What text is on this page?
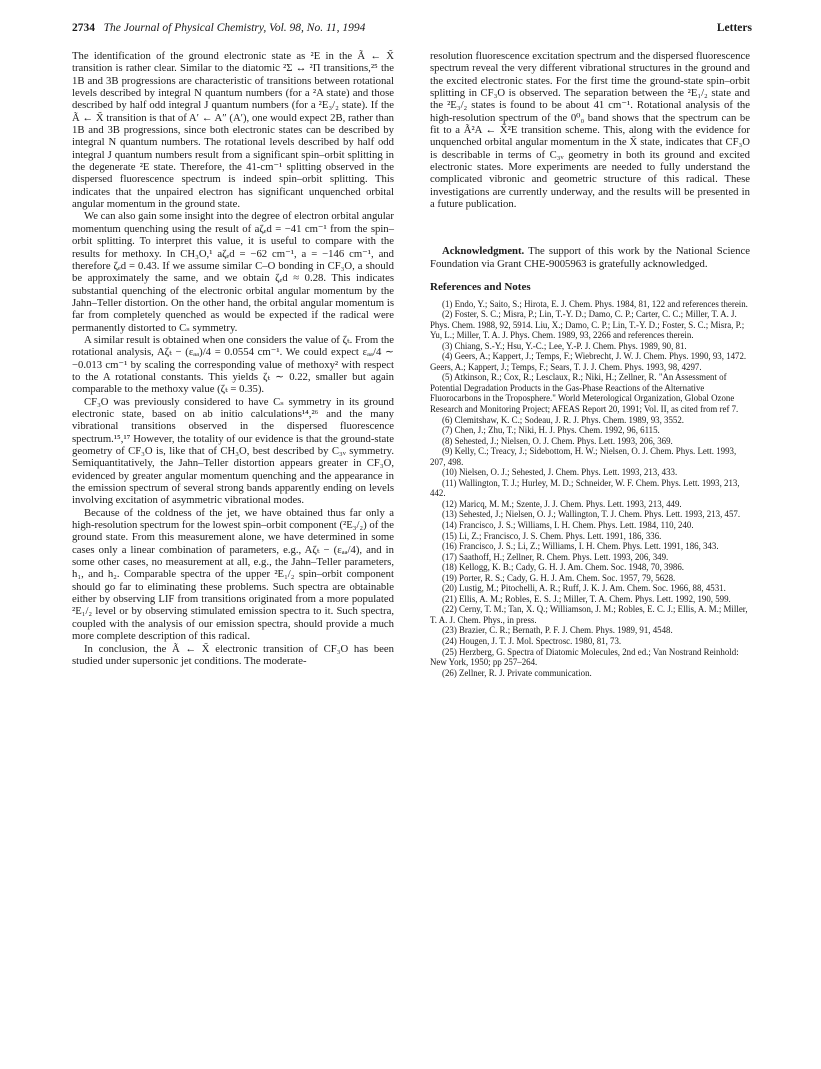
2734 The Journal of Physical Chemistry, Vol. 98, No. 11, 1994	Letters

The identification of the ground electronic state as ²E in the Ã ← X̃ transition is rather clear. Similar to the diatomic ²Σ ↔ ²Π transitions,²⁵ the 1B and 3B progressions are characteristic of transitions between rotational levels described by integral N quantum numbers (for a ²A state) and those described by half odd integral J quantum numbers (for a ²E₃/₂ state). If the Ã ← X̃ transition is that of A′ ← A″ (A′), one would expect 2B, rather than 1B and 3B progressions, since both electronic states can be described by integral N quantum numbers. The rotational levels described by half odd integral J quantum numbers result from a significant spin–orbit splitting in the degenerate ²E state. Therefore, the 41-cm⁻¹ splitting observed in the dispersed fluorescence spectrum is indeed spin–orbit splitting. This indicates that the unpaired electron has significant unquenched orbital angular momentum in the ground state.

We can also gain some insight into the degree of electron orbital angular momentum quenching using the result of aζₑd = −41 cm⁻¹ from the spin–orbit splitting. To interpret this value, it is useful to compare with the results for methoxy. In CH₃O,¹ aζₑd = −62 cm⁻¹, a = −146 cm⁻¹, and therefore ζₑd = 0.43. If we assume similar C–O bonding in CF₃O, a should be approximately the same, and we obtain ζₑd ≈ 0.28. This indicates substantial quenching of the electronic orbital angular momentum by the Jahn–Teller distortion. On the other hand, the orbital angular momentum is far from completely quenched as would be expected if the radical were permanently distorted to Cₛ symmetry.

A similar result is obtained when one considers the value of ζₜ. From the rotational analysis, Aζₜ − (εₐₐ)/4 = 0.0554 cm⁻¹. We could expect εₐₐ/4 ∼ −0.013 cm⁻¹ by scaling the corresponding value of methoxy² with respect to the A rotational constants. This yields ζₜ ∼ 0.22, smaller but again comparable to the methoxy value (ζₜ = 0.35).

CF₃O was previously considered to have Cₛ symmetry in its ground electronic state, based on ab initio calculations¹⁴,²⁶ and the many vibrational transitions observed in the dispersed fluorescence spectrum.¹⁵,¹⁷ However, the totality of our evidence is that the ground-state geometry of CF₃O is, like that of CH₃O, best described by C₃ᵥ symmetry. Semiquantitatively, the Jahn–Teller distortion appears greater in CF₃O, evidenced by greater angular momentum quenching and the appearance in the emission spectrum of several strong bands apparently ending on levels involving excitation of asymmetric vibrational modes.

Because of the coldness of the jet, we have obtained thus far only a high-resolution spectrum for the lowest spin–orbit component (²E₃/₂) of the ground state. From this measurement alone, we have determined in some cases only a linear combination of parameters, e.g., Aζₜ − (εₐₐ/4), and in some other cases, no measurement at all, e.g., the Jahn–Teller parameters, h₁, and h₂. Comparable spectra of the upper ²E₁/₂ spin–orbit component should go far to eliminating these problems. Such spectra are obtainable either by observing LIF from transitions originated from a more populated ²E₁/₂ level or by observing stimulated emission spectra to it. Such spectra, coupled with the analysis of our emission spectra, should provide a much more complete description of this radical.

In conclusion, the Ã ← X̃ electronic transition of CF₃O has been studied under supersonic jet conditions. The moderate-

resolution fluorescence excitation spectrum and the dispersed fluorescence spectrum reveal the very different vibrational structures in the ground and the excited electronic states. For the first time the ground-state spin–orbit splitting in CF₃O is observed. The separation between the ²E₁/₂ state and the ²E₃/₂ states is found to be about 41 cm⁻¹. Rotational analysis of the high-resolution spectrum of the 0⁰₀ band shows that the spectrum can be fit to a Ã²A ← X̃²E transition scheme. This, along with the evidence for unquenched orbital angular momentum in the X̃ state, indicates that CF₃O is describable in terms of C₃ᵥ geometry in both its ground and excited electronic states. More experiments are needed to fully understand the complicated vibronic and geometric structure of this radical. These investigations are currently underway, and the results will be presented in a future publication.

Acknowledgment. The support of this work by the National Science Foundation via Grant CHE-9005963 is gratefully acknowledged.

References and Notes

(1) Endo, Y.; Saito, S.; Hirota, E. J. Chem. Phys. 1984, 81, 122 and references therein.

(2) Foster, S. C.; Misra, P.; Lin, T.-Y. D.; Damo, C. P.; Carter, C. C.; Miller, T. A. J. Phys. Chem. 1988, 92, 5914. Liu, X.; Damo, C. P.; Lin, T.-Y. D.; Foster, S. C.; Misra, P.; Yu, L.; Miller, T. A. J. Phys. Chem. 1989, 93, 2266 and references therein.

(3) Chiang, S.-Y.; Hsu, Y.-C.; Lee, Y.-P. J. Chem. Phys. 1989, 90, 81.

(4) Geers, A.; Kappert, J.; Temps, F.; Wiebrecht, J. W. J. Chem. Phys. 1990, 93, 1472. Geers, A.; Kappert, J.; Temps, F.; Sears, T. J. J. Chem. Phys. 1993, 98, 4297.

(5) Atkinson, R.; Cox, R.; Lesclaux, R.; Niki, H.; Zellner, R. "An Assessment of Potential Degradation Products in the Gas-Phase Reactions of the Alternative Fluorocarbons in the Troposphere." World Meterological Organization, Global Ozone Research and Monitoring Project; AFEAS Report 20, 1991; Vol. II, as cited from ref 7.

(6) Clemitshaw, K. C.; Sodeau, J. R. J. Phys. Chem. 1989, 93, 3552.

(7) Chen, J.; Zhu, T.; Niki, H. J. Phys. Chem. 1992, 96, 6115.

(8) Sehested, J.; Nielsen, O. J. Chem. Phys. Lett. 1993, 206, 369.

(9) Kelly, C.; Treacy, J.; Sidebottom, H. W.; Nielsen, O. J. Chem. Phys. Lett. 1993, 207, 498.

(10) Nielsen, O. J.; Sehested, J. Chem. Phys. Lett. 1993, 213, 433.

(11) Wallington, T. J.; Hurley, M. D.; Schneider, W. F. Chem. Phys. Lett. 1993, 213, 442.

(12) Maricq, M. M.; Szente, J. J. Chem. Phys. Lett. 1993, 213, 449.

(13) Sehested, J.; Nielsen, O. J.; Wallington, T. J. Chem. Phys. Lett. 1993, 213, 457.

(14) Francisco, J. S.; Williams, I. H. Chem. Phys. Lett. 1984, 110, 240.

(15) Li, Z.; Francisco, J. S. Chem. Phys. Lett. 1991, 186, 336.

(16) Francisco, J. S.; Li, Z.; Williams, I. H. Chem. Phys. Lett. 1991, 186, 343.

(17) Saathoff, H.; Zellner, R. Chem. Phys. Lett. 1993, 206, 349.

(18) Kellogg, K. B.; Cady, G. H. J. Am. Chem. Soc. 1948, 70, 3986.

(19) Porter, R. S.; Cady, G. H. J. Am. Chem. Soc. 1957, 79, 5628.

(20) Lustig, M.; Pitochelli, A. R.; Ruff, J. K. J. Am. Chem. Soc. 1966, 88, 4531.

(21) Ellis, A. M.; Robles, E. S. J.; Miller, T. A. Chem. Phys. Lett. 1992, 190, 599.

(22) Cerny, T. M.; Tan, X. Q.; Williamson, J. M.; Robles, E. C. J.; Ellis, A. M.; Miller, T. A. J. Chem. Phys., in press.

(23) Brazier, C. R.; Bernath, P. F. J. Chem. Phys. 1989, 91, 4548.

(24) Hougen, J. T. J. Mol. Spectrosc. 1980, 81, 73.

(25) Herzberg, G. Spectra of Diatomic Molecules, 2nd ed.; Van Nostrand Reinhold: New York, 1950; pp 257–264.

(26) Zellner, R. J. Private communication.
